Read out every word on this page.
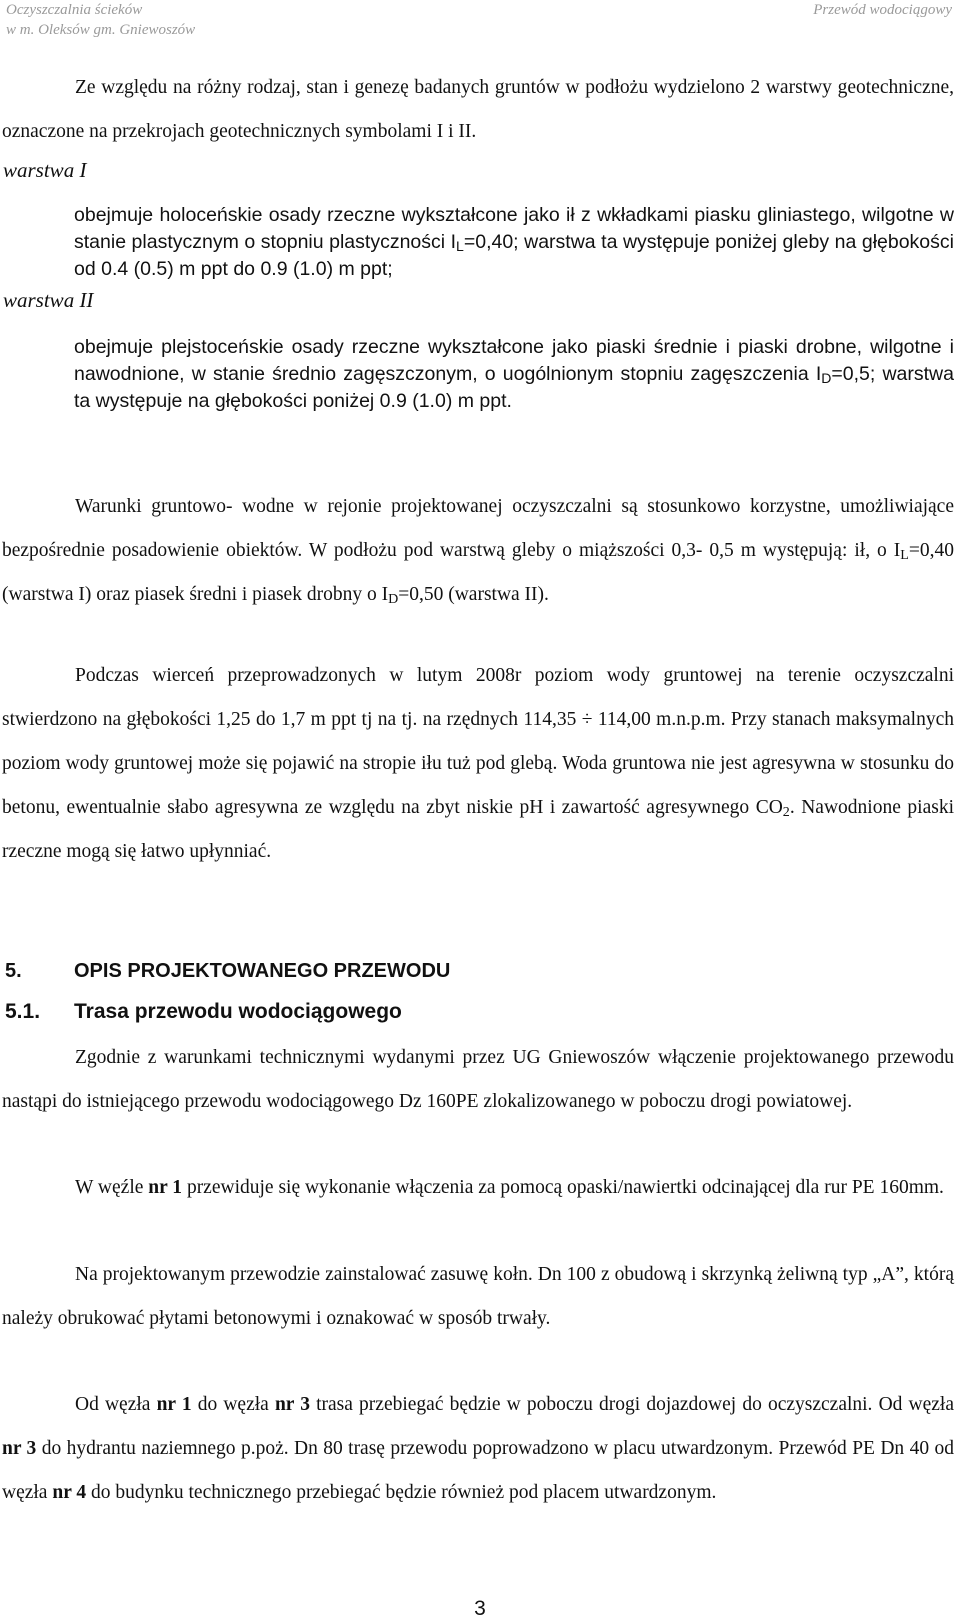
Oczyszczalnia ścieków
w m. Oleksów gm. Gniewoszów
Przewód wodociągowy
Ze względu na różny rodzaj, stan i genezę badanych gruntów w podłożu wydzielono 2 warstwy geotechniczne, oznaczone na przekrojach geotechnicznych symbolami I i II.
warstwa I
obejmuje holoceńskie osady rzeczne wykształcone jako ił z wkładkami piasku gliniastego, wilgotne w stanie plastycznym o stopniu plastyczności $I_L=0,40$; warstwa ta występuje poniżej gleby na głębokości od 0.4 (0.5) m ppt do 0.9 (1.0) m ppt;
warstwa II
obejmuje plejstoceńskie osady rzeczne wykształcone jako piaski średnie i piaski drobne, wilgotne i nawodnione, w stanie średnio zagęszczonym, o uogólnionym stopniu zagęszczenia $I_D=0,5$; warstwa ta występuje na głębokości poniżej 0.9 (1.0) m ppt.
Warunki gruntowo- wodne w rejonie projektowanej oczyszczalni są stosunkowo korzystne, umożliwiające bezpośrednie posadowienie obiektów. W podłożu pod warstwą gleby o miąższości 0,3- 0,5 m występują: ił, o $I_L=0,40$ (warstwa I) oraz piasek średni i piasek drobny o $I_D=0,50$ (warstwa II).
Podczas wierceń przeprowadzonych w lutym 2008r poziom wody gruntowej na terenie oczyszczalni stwierdzono na głębokości 1,25 do 1,7 m ppt tj na tj. na rzędnych 114,35 ÷ 114,00 m.n.p.m. Przy stanach maksymalnych poziom wody gruntowej może się pojawić na stropie iłu tuż pod glebą. Woda gruntowa nie jest agresywna w stosunku do betonu, ewentualnie słabo agresywna ze względu na zbyt niskie pH i zawartość agresywnego $CO_2$. Nawodnione piaski rzeczne mogą się łatwo upłynniać.
5.	OPIS PROJEKTOWANEGO PRZEWODU
5.1. Trasa przewodu wodociągowego
Zgodnie z warunkami technicznymi wydanymi przez UG Gniewoszów włączenie projektowanego przewodu nastąpi do istniejącego przewodu wodociągowego Dz 160PE zlokalizowanego w poboczu drogi powiatowej.
W węźle nr 1 przewiduje się wykonanie włączenia za pomocą opaski/nawiertki odcinającej dla rur PE 160mm.
Na projektowanym przewodzie zainstalować zasuwę kołn. Dn 100 z obudową i skrzynką żeliwną typ „A”, którą należy obrukować płytami betonowymi i oznakować w sposób trwały.
Od węzła nr 1 do węzła nr 3 trasa przebiegać będzie w poboczu drogi dojazdowej do oczyszczalni. Od węzła nr 3 do hydrantu naziemnego p.poż. Dn 80 trasę przewodu poprowadzono w placu utwardzonym. Przewód PE Dn 40 od węzła nr 4 do budynku technicznego przebiegać będzie również pod placem utwardzonym.
3
